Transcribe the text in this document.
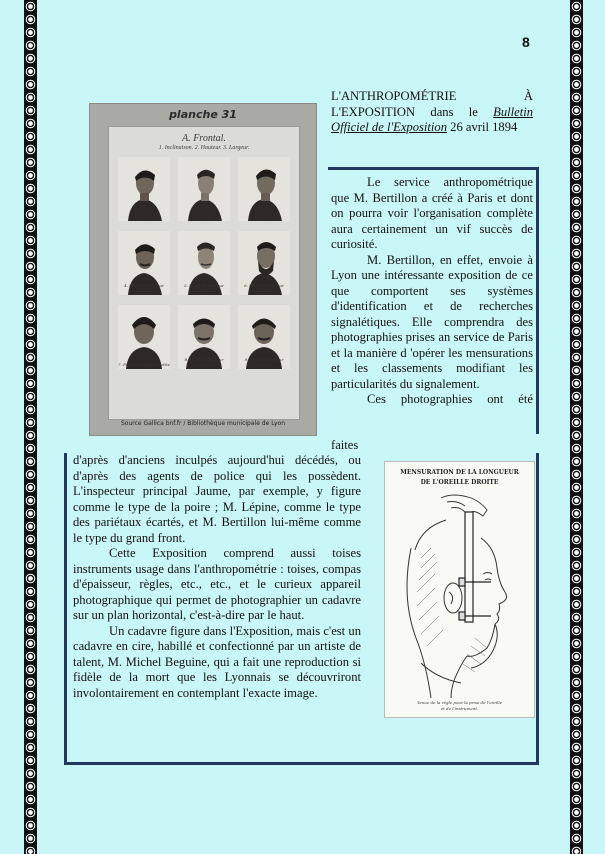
8
planche 31
A. Frontal.
1. Inclinaison. 2. Hauteur. 3. Largeur.
1. Fuyant	2. Fuyant	3. Fuyant
4. Front de hauteur petite
5. Front de hauteur moyenne
6. Front de hauteur grande
7. Front de largeur petite
8. Front de largeur moyenne
9. Front de largeur grande
Source Gallica bnf.fr / Bibliothèque municipale de Lyon

L'ANTHROPOMÉTRIE À L'EXPOSITION dans le Bulletin Officiel de l'Exposition 26 avril 1894

Le service anthropométrique que M. Bertillon a créé à Paris et dont on pourra voir l'organisation complète aura certainement un vif succès de curiosité.

M. Bertillon, en effet, envoie à Lyon une intéressante exposition de ce que comportent ses systèmes d'identification et de recherches signalétiques. Elle comprendra des photographies prises an service de Paris et la manière d 'opérer les mensurations et les classements modifiant les particularités du signalement.

Ces photographies ont été

faites

d'après d'anciens inculpés aujourd'hui décédés, ou d'après des agents de police qui les possèdent. L'inspecteur principal Jaume, par exemple, y figure comme le type de la poire ; M. Lépine, comme le type des pariétaux écartés, et M. Bertillon lui-même comme le type du grand front.

Cette Exposition comprend aussi toises instruments usage dans l'anthropométrie : toises, compas d'épaisseur, règles, etc., etc., et le curieux appareil photographique qui permet de photographier un cadavre sur un plan horizontal, c'est-à-dire par le haut.

Un cadavre figure dans l'Exposition, mais c'est un cadavre en cire, habillé et confectionné par un artiste de talent, M. Michel Beguine, qui a fait une reproduction si fidèle de la mort que les Lyonnais se découvriront involontairement en contemplant l'exacte image.

MENSURATION DE LA LONGUEUR
DE L'OREILLE DROITE
Tenue de la règle pour la prise de l'oreille
et de l'instrument.
